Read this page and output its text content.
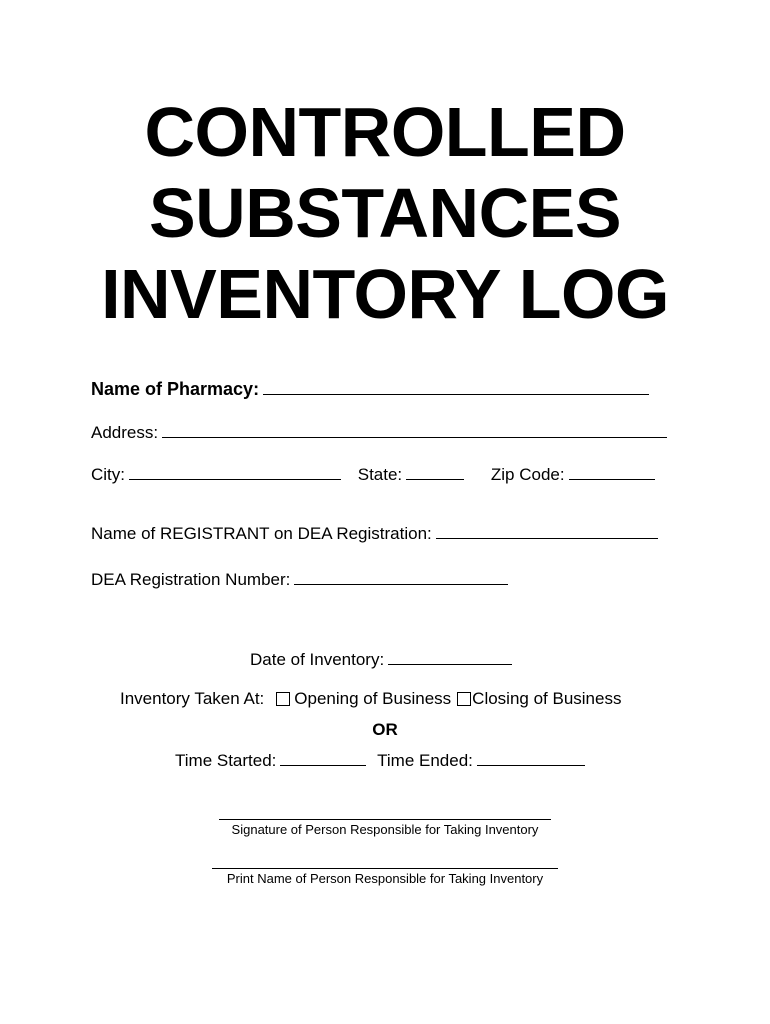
CONTROLLED
SUBSTANCES
INVENTORY LOG
Name of Pharmacy:
Address:
City:	State:	Zip Code:
Name of REGISTRANT on DEA Registration:
DEA Registration Number:
Date of Inventory:
Inventory Taken At: Opening of Business Closing of Business
OR
Time Started:	Time Ended:
Signature of Person Responsible for Taking Inventory
Print Name of Person Responsible for Taking Inventory
